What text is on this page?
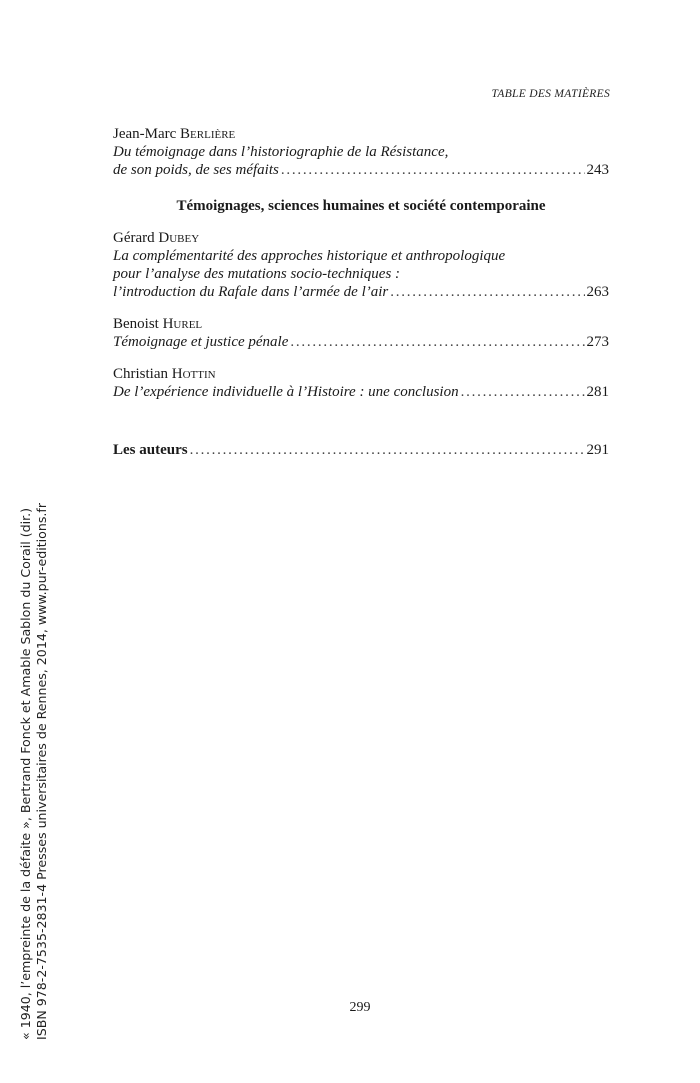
TABLE DES MATIÈRES
Jean-Marc Berlière
Du témoignage dans l’historiographie de la Résistance,
de son poids, de ses méfaits . . .	243
Témoignages, sciences humaines et société contemporaine
Gérard Dubey
La complémentarité des approches historique et anthropologique
pour l’analyse des mutations socio-techniques :
l’introduction du Rafale dans l’armée de l’air . . .	263
Benoist Hurel
Témoignage et justice pénale . . .	273
Christian Hottin
De l’expérience individuelle à l’Histoire : une conclusion . . .	281
Les auteurs . . .	291
« 1940, l’empreinte de la défaite », Bertrand Fonck et Amable Sablon du Corail (dir.) ISBN 978-2-7535-2831-4 Presses universitaires de Rennes, 2014, www.pur-editions.fr	299
